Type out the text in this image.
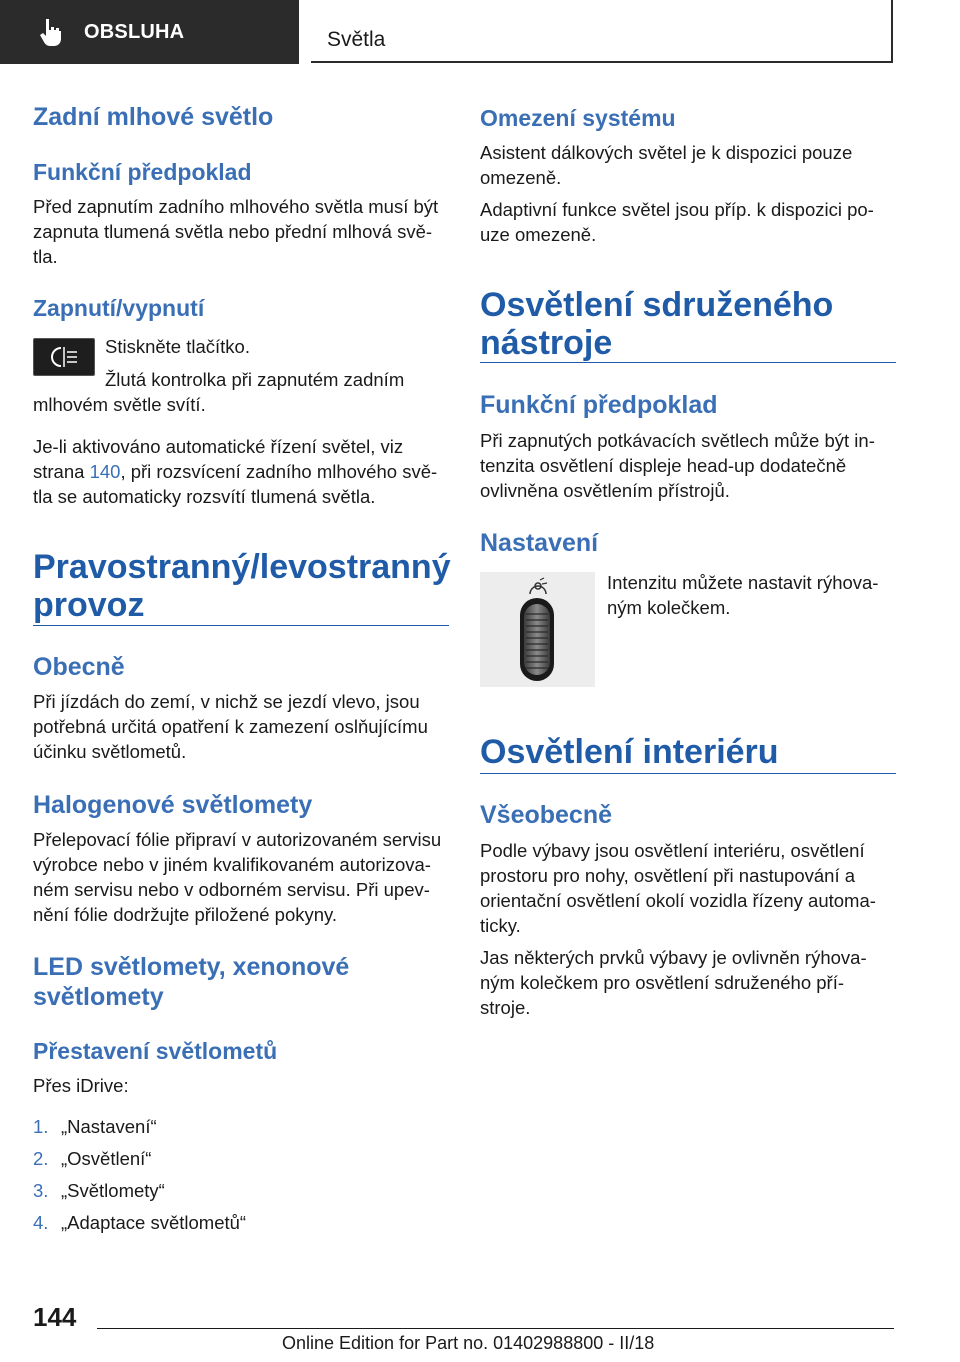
OBSLUHA	Světla
Zadní mlhové světlo
Funkční předpoklad

Před zapnutím zadního mlhového světla musí být

zapnuta tlumená světla nebo přední mlhová svě-

tla.

Zapnutí/vypnutí

Stiskněte tlačítko.

Žlutá kontrolka při zapnutém zadním

mlhovém světle svítí.

Je-li aktivováno automatické řízení světel, viz

strana 140, při rozsvícení zadního mlhového svě-

tla se automaticky rozsvítí tlumená světla.

Pravostranný/levostranný
provoz
Obecně

Při jízdách do zemí, v nichž se jezdí vlevo, jsou

potřebná určitá opatření k zamezení oslňujícímu

účinku světlometů.

Halogenové světlomety

Přelepovací fólie připraví v autorizovaném servisu

výrobce nebo v jiném kvalifikovaném autorizova-

ném servisu nebo v odborném servisu. Při upev-

nění fólie dodržujte přiložené pokyny.

LED světlomety, xenonové
světlomety
Přestavení světlometů

Přes iDrive:

1. „Nastavení“

2. „Osvětlení“

3. „Světlomety“

4. „Adaptace světlometů“

Omezení systému

Asistent dálkových světel je k dispozici pouze

omezeně.

Adaptivní funkce světel jsou příp. k dispozici po-

uze omezeně.

Osvětlení sdruženého
nástroje
Funkční předpoklad

Při zapnutých potkávacích světlech může být in-

tenzita osvětlení displeje head-up dodatečně

ovlivněna osvětlením přístrojů.

Nastavení

Intenzitu můžete nastavit rýhova-

ným kolečkem.

Osvětlení interiéru
Všeobecně

Podle výbavy jsou osvětlení interiéru, osvětlení

prostoru pro nohy, osvětlení při nastupování a

orientační osvětlení okolí vozidla řízeny automa-

ticky.

Jas některých prvků výbavy je ovlivněn rýhova-

ným kolečkem pro osvětlení sdruženého pří-

stroje.

144
Online Edition for Part no. 01402988800 - II/18
